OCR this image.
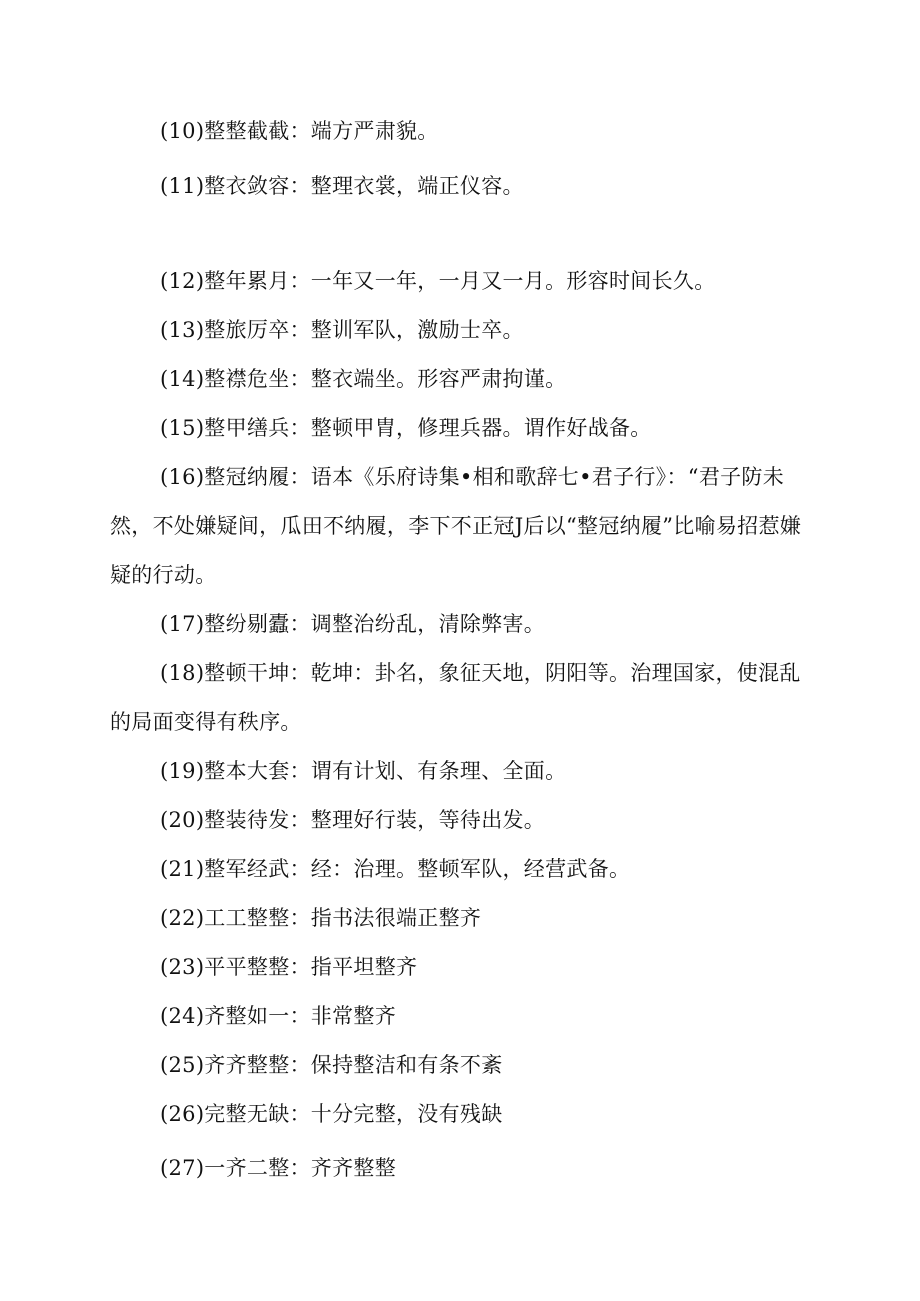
(10)整整截截：端方严肃貌。

(11)整衣敛容：整理衣裳，端正仪容。

(12)整年累月：一年又一年，一月又一月。形容时间长久。

(13)整旅厉卒：整训军队，激励士卒。

(14)整襟危坐：整衣端坐。形容严肃拘谨。

(15)整甲缮兵：整顿甲胄，修理兵器。谓作好战备。

(16)整冠纳履：语本《乐府诗集•相和歌辞七•君子行》：“君子防未然，不处嫌疑间，瓜田不纳履，李下不正冠J后以“整冠纳履”比喻易招惹嫌疑的行动。

(17)整纷剔蠹：调整治纷乱，清除弊害。

(18)整顿干坤：乾坤：卦名，象征天地，阴阳等。治理国家，使混乱的局面变得有秩序。

(19)整本大套：谓有计划、有条理、全面。

(20)整装待发：整理好行装，等待出发。

(21)整军经武：经：治理。整顿军队，经营武备。

(22)工工整整：指书法很端正整齐

(23)平平整整：指平坦整齐

(24)齐整如一：非常整齐

(25)齐齐整整：保持整洁和有条不紊

(26)完整无缺：十分完整，没有残缺

(27)一齐二整：齐齐整整
